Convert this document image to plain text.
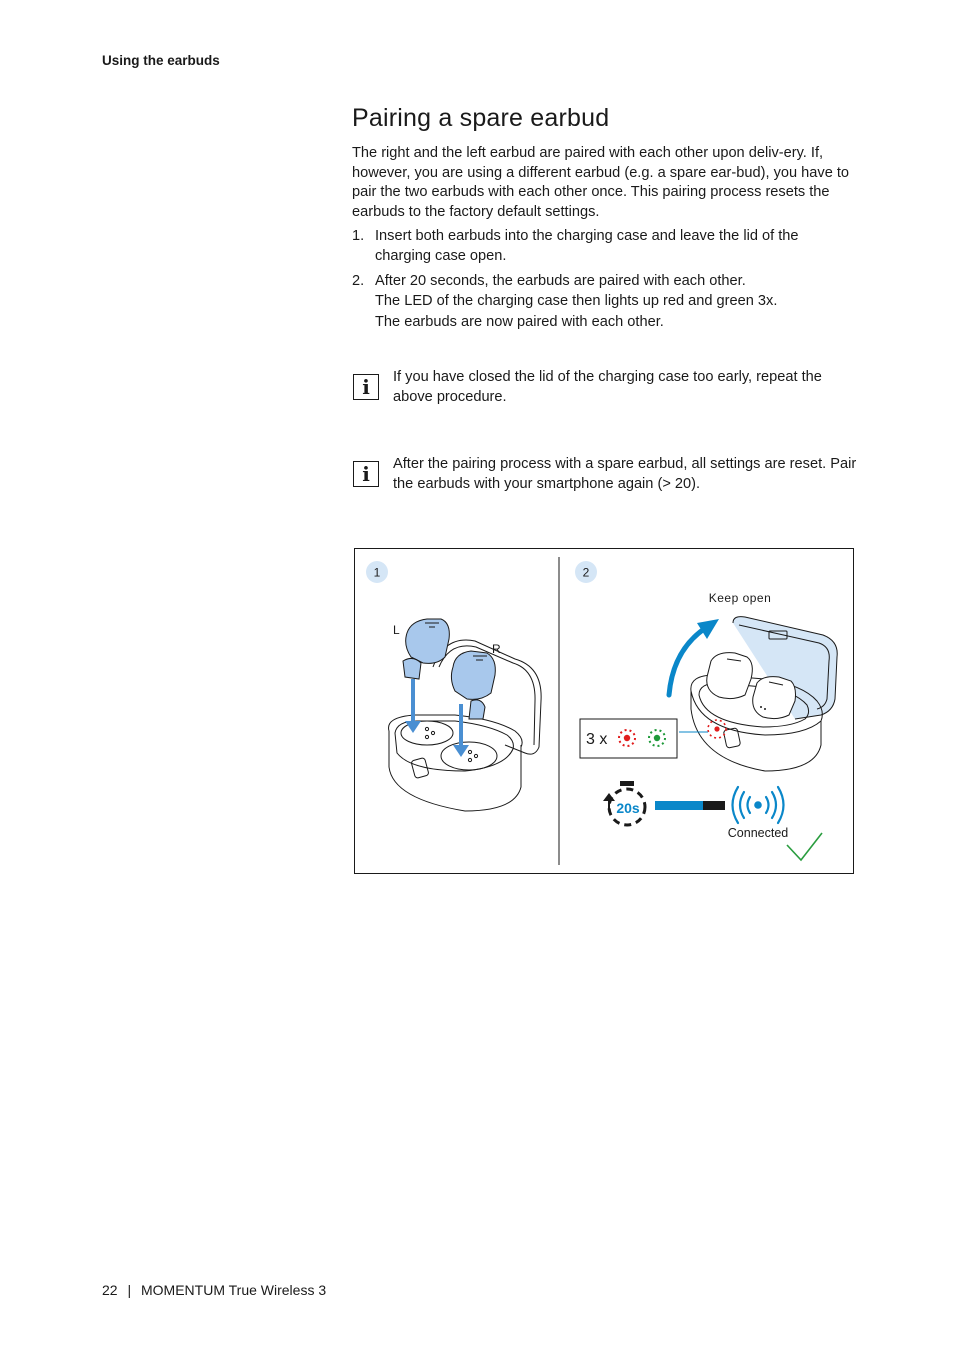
Using the earbuds
Pairing a spare earbud
The right and the left earbud are paired with each other upon deliv-ery. If, however, you are using a different earbud (e.g. a spare ear-bud), you have to pair the two earbuds with each other once. This pairing process resets the earbuds to the factory default settings.
1. Insert both earbuds into the charging case and leave the lid of the charging case open.
2. After 20 seconds, the earbuds are paired with each other.
The LED of the charging case then lights up red and green 3x.
The earbuds are now paired with each other.
i	If you have closed the lid of the charging case too early, repeat the above procedure.
i	After the pairing process with a spare earbud, all settings are reset. Pair the earbuds with your smartphone again (> 20).
1
L
R
2
Keep open
3 x
20s
Connected
22 | MOMENTUM True Wireless 3
